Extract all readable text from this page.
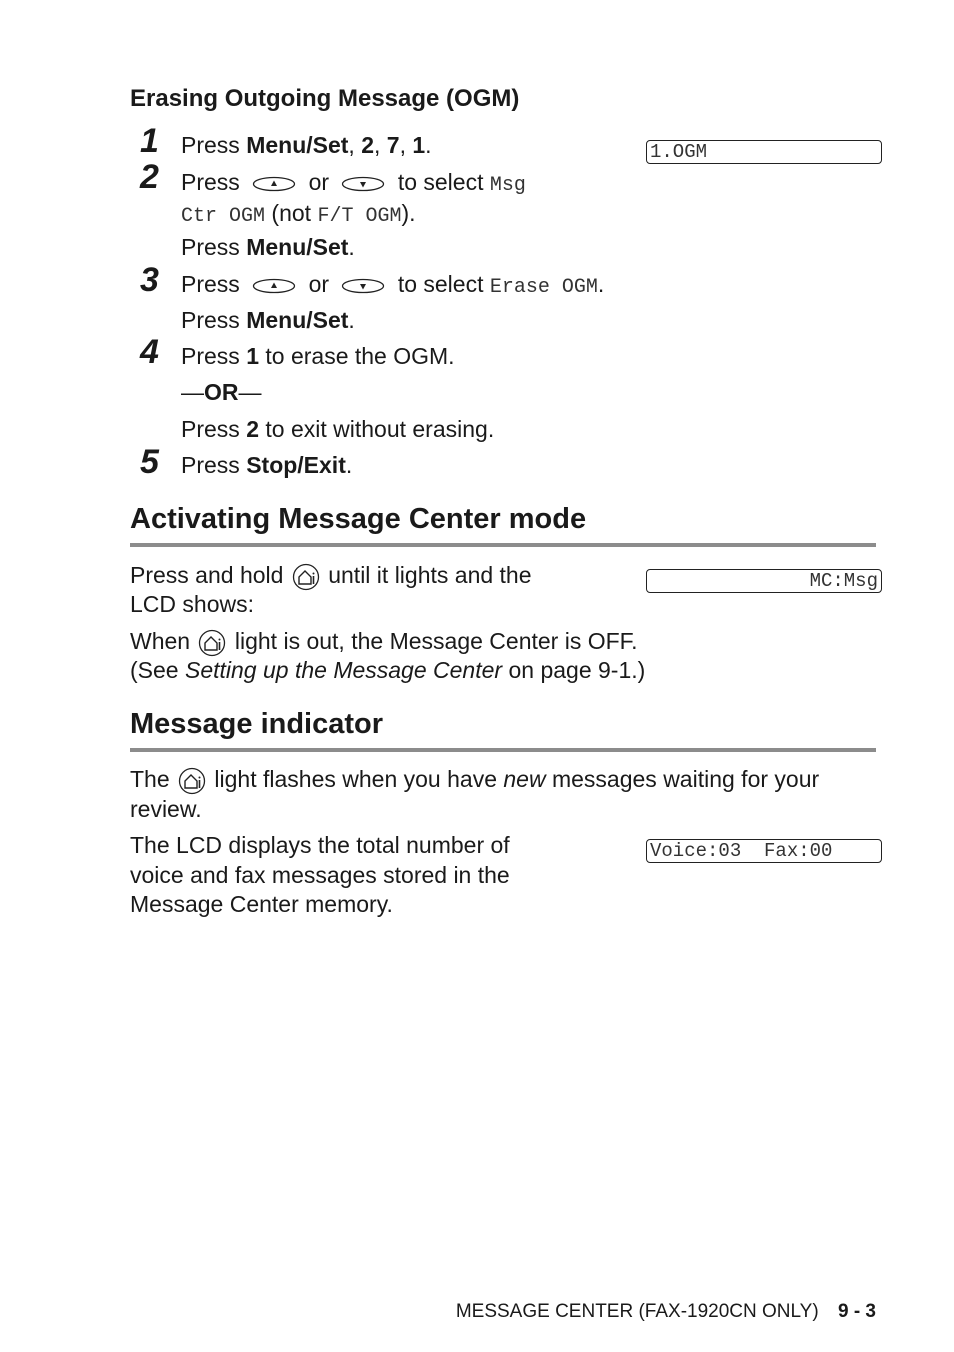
Erasing Outgoing Message (OGM)
1
2
3
4
5
1.OGM
Press Menu/Set, 2, 7, 1.
Press	or	to select Msg
Ctr OGM (not F/T OGM).
Press Menu/Set.
Press	or	to select Erase OGM.
Press Menu/Set.
Press 1 to erase the OGM.
—OR—
Press 2 to exit without erasing.
Press Stop/Exit.
Activating Message Center mode
MC:Msg
Press and hold until it lights and the
LCD shows:
When light is out, the Message Center is OFF.
(See Setting up the Message Center on page 9-1.)
Message indicator
The light flashes when you have new messages waiting for your
review.
The LCD displays the total number of
voice and fax messages stored in the
Message Center memory.
Voice:03  Fax:00
MESSAGE CENTER (FAX-1920CN ONLY) 9 - 3
